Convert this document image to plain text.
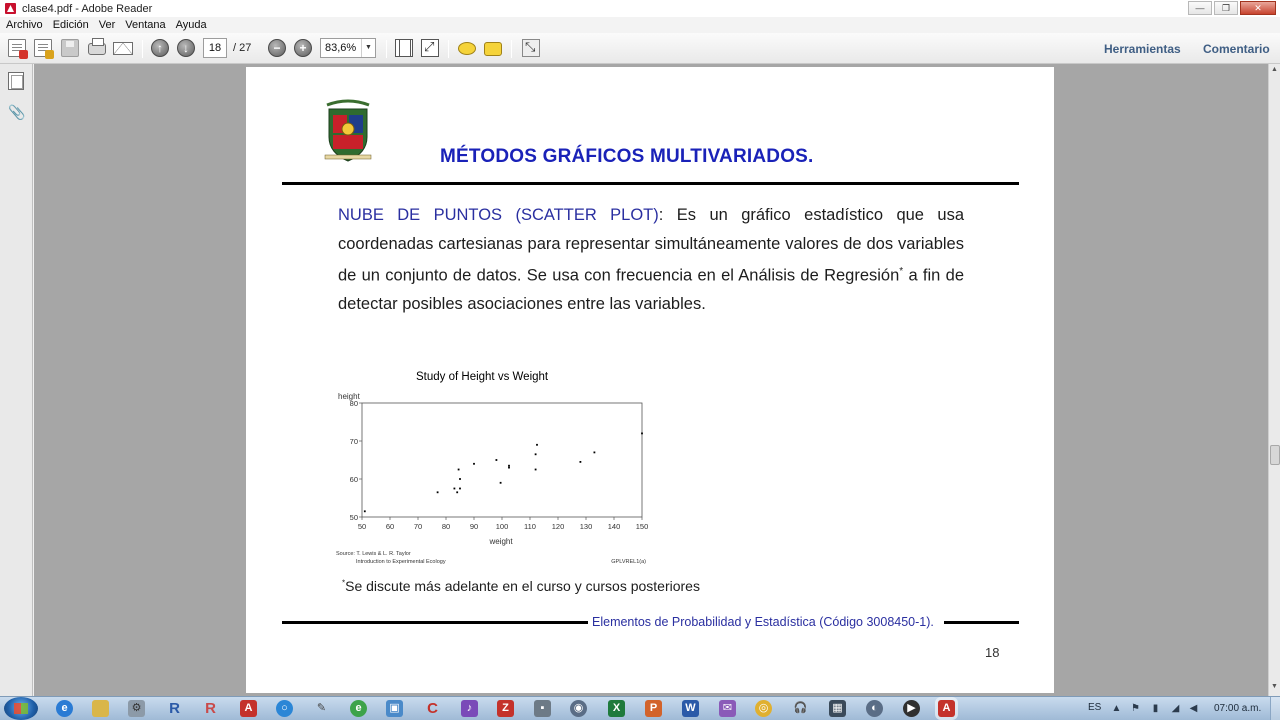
clase4.pdf - Adobe Reader	—	❐	✕
Archivo Edición Ver Ventana Ayuda
↑	↓	−	+
⤢
⤡
18	/ 27	83,6%	▼	Herramientas Comentario
📎
MÉTODOS GRÁFICOS MULTIVARIADOS.
NUBE DE PUNTOS (SCATTER PLOT): Es un gráfico estadístico que usa coordenadas cartesianas para representar simultáneamente valores de dos variables de un conjunto de datos. Se usa con frecuencia en el Análisis de Regresión* a fin de detectar posibles asociaciones entre las variables.
Study of Height vs Weight
height
50	60	70	80	90 100 110 120 130 140 150
50
60
70
80
weight
Source: T. Lewis & L. R. Taylor
Introduction to Experimental Ecology	GPLVREL1(a)
*Se discute más adelante en el curso y cursos posteriores
Elementos de Probabilidad y Estadística (Código 3008450-1).
18
▲
▼
e	⚙ R R	A	○	✎	e	▣ C	♪	Z	▪	◉	X	P	W	✉	◎	🎧 ▦	◐	▶	A	ES ▲ ⚑ ▮ ◢ ◀ 07:00 a.m.
